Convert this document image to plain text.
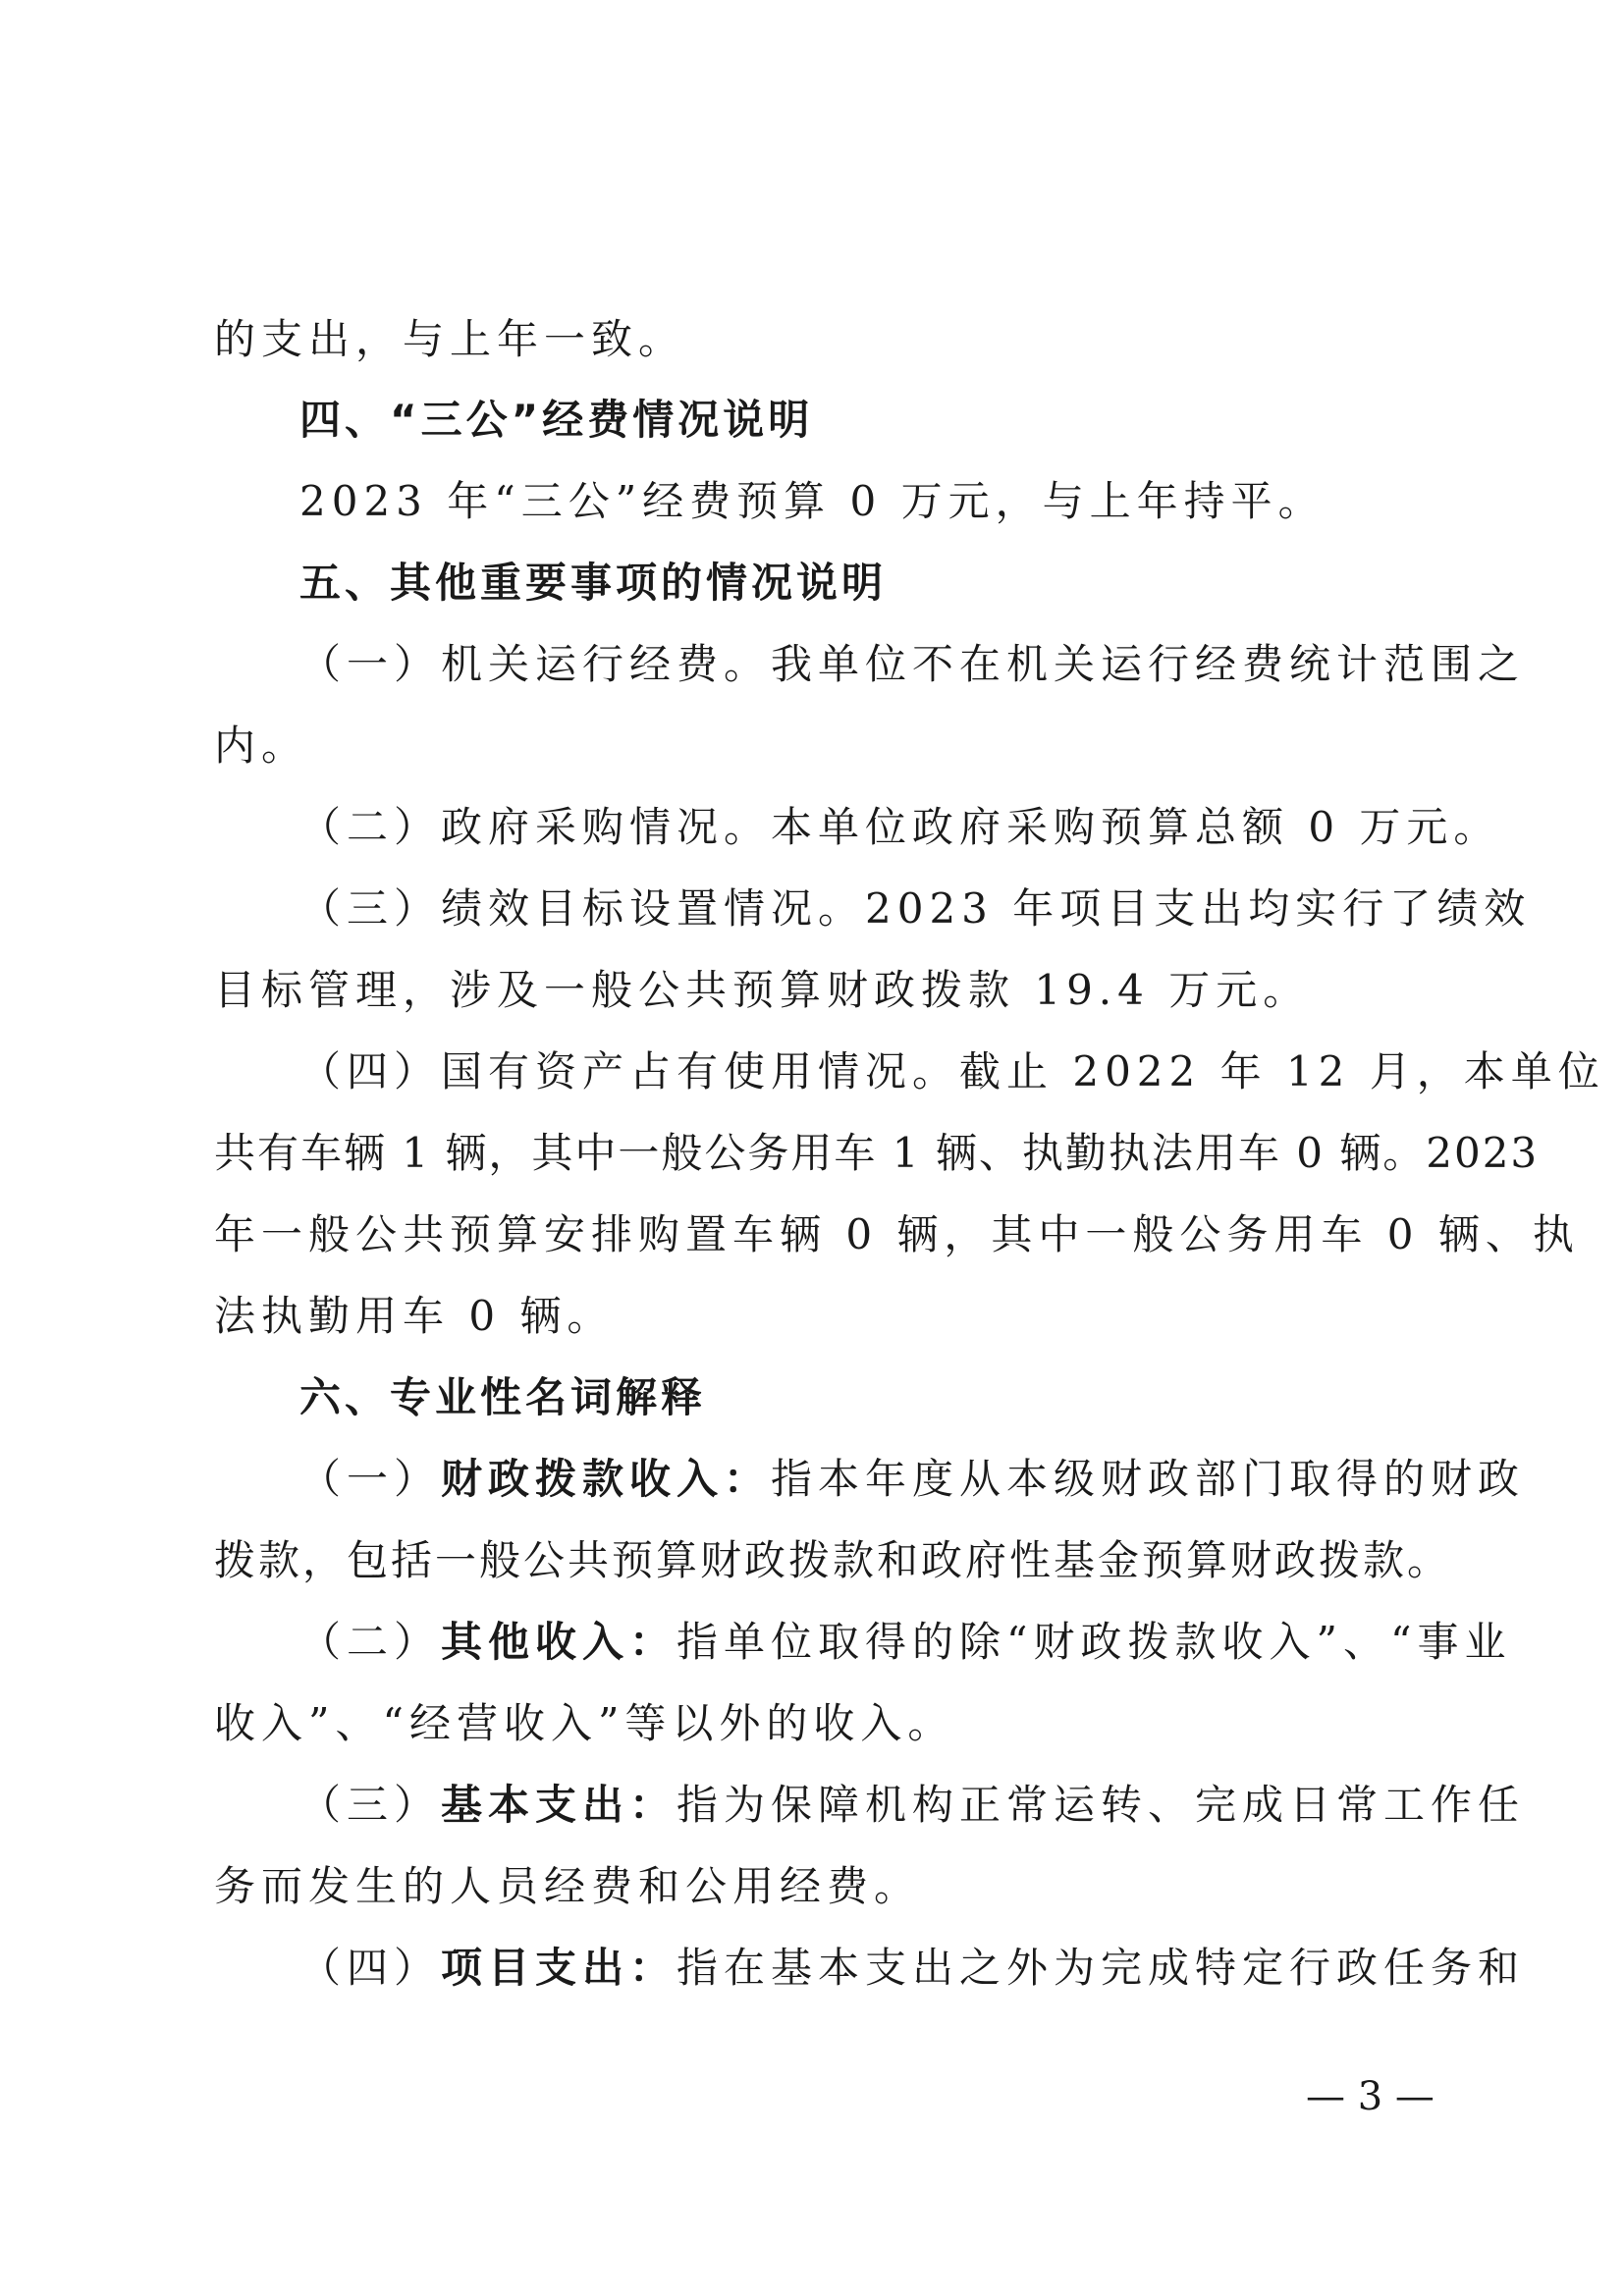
的支出，与上年一致。
四、“三公”经费情况说明
2023 年“三公”经费预算 0 万元，与上年持平。
五、其他重要事项的情况说明
（一）机关运行经费。我单位不在机关运行经费统计范围之
内。
（二）政府采购情况。本单位政府采购预算总额 0 万元。
（三）绩效目标设置情况。2023 年项目支出均实行了绩效
目标管理，涉及一般公共预算财政拨款 19.4 万元。
（四）国有资产占有使用情况。截止 2022 年 12 月，本单位
共有车辆 1 辆，其中一般公务用车 1 辆、执勤执法用车 0 辆。2023
年一般公共预算安排购置车辆 0 辆，其中一般公务用车 0 辆、执
法执勤用车 0 辆。
六、专业性名词解释
（一）财政拨款收入：指本年度从本级财政部门取得的财政
拨款，包括一般公共预算财政拨款和政府性基金预算财政拨款。
（二）其他收入：指单位取得的除“财政拨款收入”、“事业
收入”、“经营收入”等以外的收入。
（三）基本支出：指为保障机构正常运转、完成日常工作任
务而发生的人员经费和公用经费。
（四）项目支出：指在基本支出之外为完成特定行政任务和
— 3 —
